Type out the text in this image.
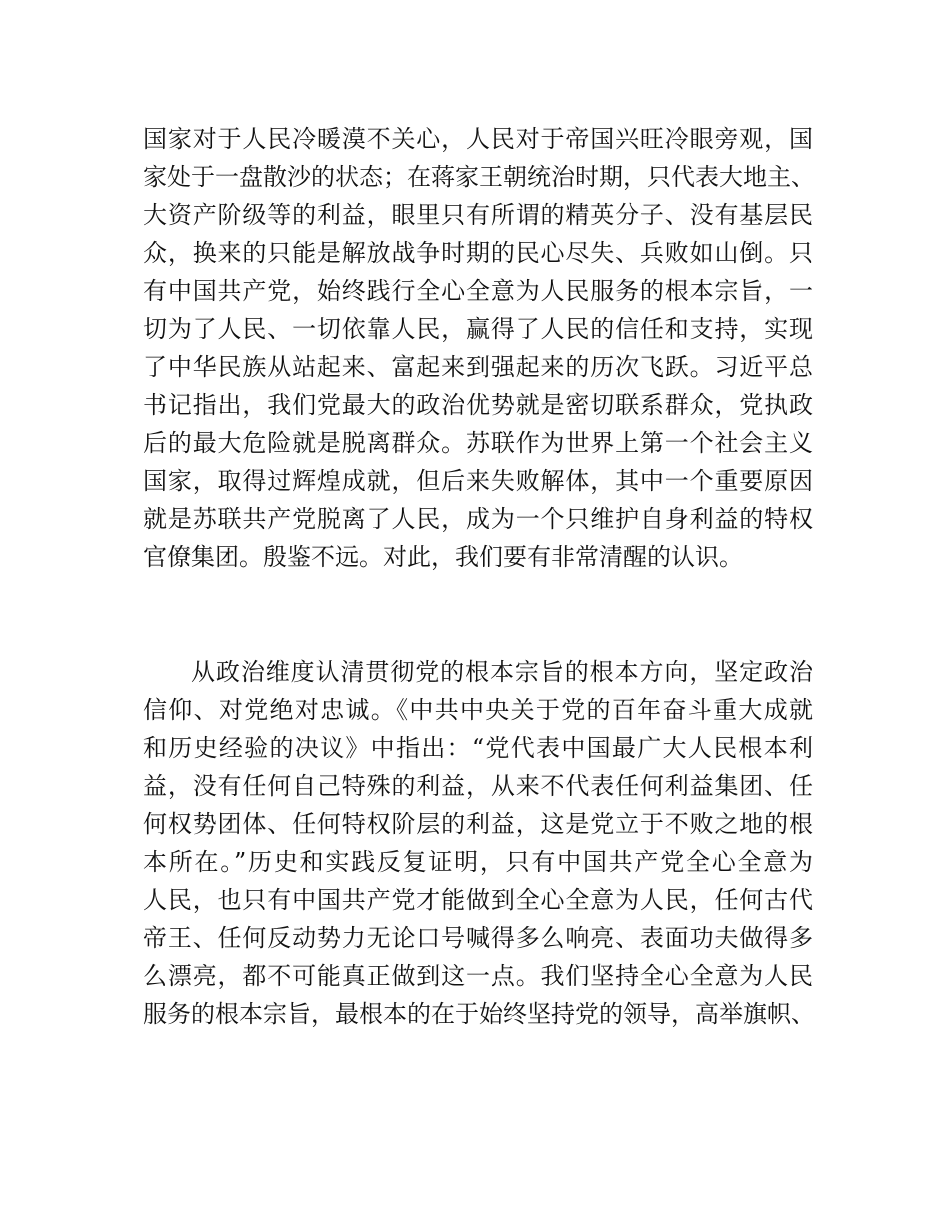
国家对于人民冷暖漠不关心，人民对于帝国兴旺冷眼旁观，国
家处于一盘散沙的状态；在蒋家王朝统治时期，只代表大地主、
大资产阶级等的利益，眼里只有所谓的精英分子、没有基层民
众，换来的只能是解放战争时期的民心尽失、兵败如山倒。只
有中国共产党，始终践行全心全意为人民服务的根本宗旨，一
切为了人民、一切依靠人民，赢得了人民的信任和支持，实现
了中华民族从站起来、富起来到强起来的历次飞跃。习近平总
书记指出，我们党最大的政治优势就是密切联系群众，党执政
后的最大危险就是脱离群众。苏联作为世界上第一个社会主义
国家，取得过辉煌成就，但后来失败解体，其中一个重要原因
就是苏联共产党脱离了人民，成为一个只维护自身利益的特权
官僚集团。殷鉴不远。对此，我们要有非常清醒的认识。
从政治维度认清贯彻党的根本宗旨的根本方向，坚定政治
信仰、对党绝对忠诚。《中共中央关于党的百年奋斗重大成就
和历史经验的决议》中指出：“党代表中国最广大人民根本利
益，没有任何自己特殊的利益，从来不代表任何利益集团、任
何权势团体、任何特权阶层的利益，这是党立于不败之地的根
本所在。”历史和实践反复证明，只有中国共产党全心全意为
人民，也只有中国共产党才能做到全心全意为人民，任何古代
帝王、任何反动势力无论口号喊得多么响亮、表面功夫做得多
么漂亮，都不可能真正做到这一点。我们坚持全心全意为人民
服务的根本宗旨，最根本的在于始终坚持党的领导，高举旗帜、
